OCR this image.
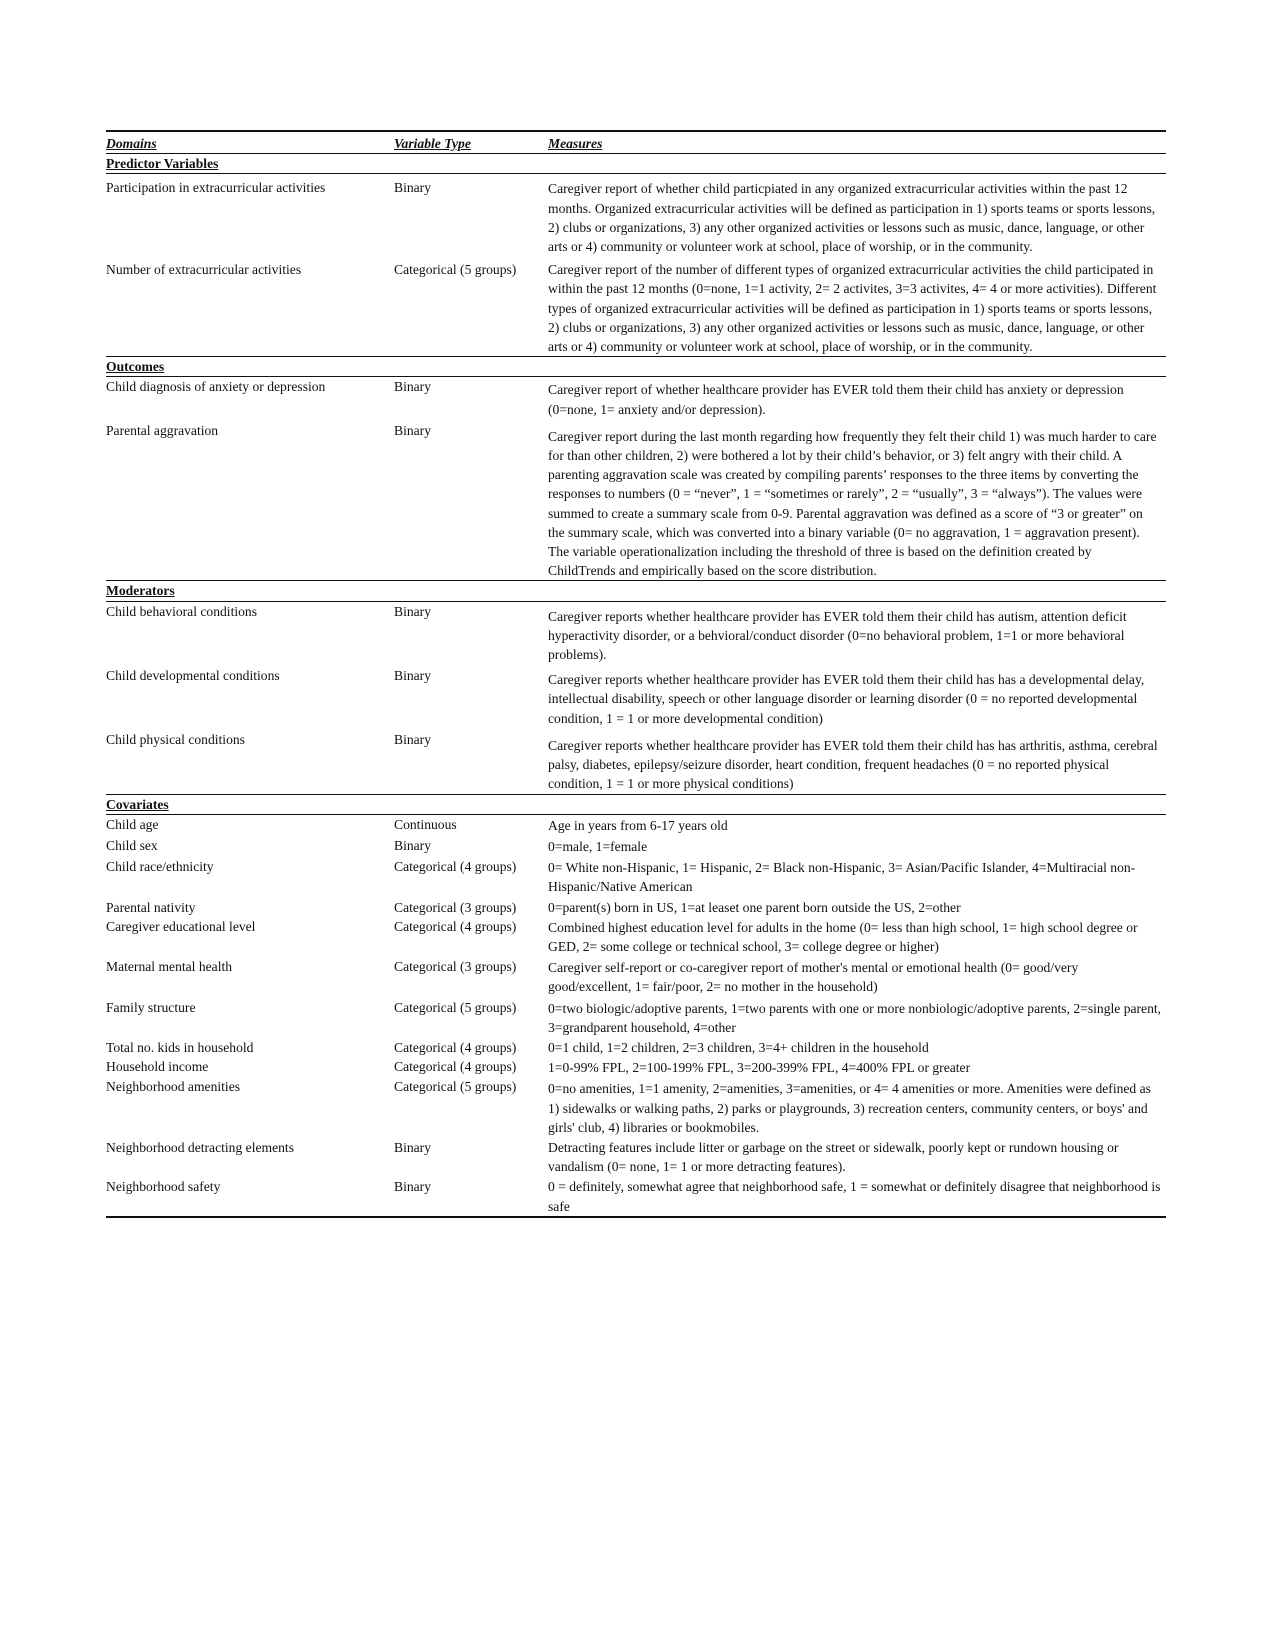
Domains	Variable Type	Measures
Predictor Variables		
Participation in extracurricular activities	Binary	Caregiver report of whether child particpiated in any organized extracurricular activities within the past 12 months. Organized extracurricular activities will be defined as participation in 1) sports teams or sports lessons, 2) clubs or organizations, 3) any other organized activities or lessons such as music, dance, language, or other arts or 4) community or volunteer work at school, place of worship, or in the community.
Number of extracurricular activities	Categorical (5 groups)	Caregiver report of the number of different types of organized extracurricular activities the child participated in within the past 12 months (0=none, 1=1 activity, 2= 2 activites, 3=3 activites, 4= 4 or more activities). Different types of organized extracurricular activities will be defined as participation in 1) sports teams or sports lessons, 2) clubs or organizations, 3) any other organized activities or lessons such as music, dance, language, or other arts or 4) community or volunteer work at school, place of worship, or in the community.
Outcomes		
Child diagnosis of anxiety or depression	Binary	Caregiver report of whether healthcare provider has EVER told them their child has anxiety or depression (0=none, 1= anxiety and/or depression).
Parental aggravation	Binary	Caregiver report during the last month regarding how frequently they felt their child 1) was much harder to care for than other children, 2) were bothered a lot by their child’s behavior, or 3) felt angry with their child. A parenting aggravation scale was created by compiling parents’ responses to the three items by converting the responses to numbers (0 = “never”, 1 = “sometimes or rarely”, 2 = “usually”, 3 = “always”). The values were summed to create a summary scale from 0-9. Parental aggravation was defined as a score of “3 or greater” on the summary scale, which was converted into a binary variable (0= no aggravation, 1 = aggravation present). The variable operationalization including the threshold of three is based on the definition created by ChildTrends and empirically based on the score distribution.
Moderators		
Child behavioral conditions	Binary	Caregiver reports whether healthcare provider has EVER told them their child has autism, attention deficit hyperactivity disorder, or a behvioral/conduct disorder (0=no behavioral problem, 1=1 or more behavioral problems).
Child developmental conditions	Binary	Caregiver reports whether healthcare provider has EVER told them their child has has a developmental delay, intellectual disability, speech or other language disorder or learning disorder (0 = no reported developmental condition, 1 = 1 or more developmental condition)
Child physical conditions	Binary	Caregiver reports whether healthcare provider has EVER told them their child has has arthritis, asthma, cerebral palsy, diabetes, epilepsy/seizure disorder, heart condition, frequent headaches (0 = no reported physical condition, 1 = 1 or more physical conditions)
Covariates		
Child age	Continuous	Age in years from 6-17 years old
Child sex	Binary	0=male, 1=female
Child race/ethnicity	Categorical (4 groups)	0= White non-Hispanic, 1= Hispanic, 2= Black non-Hispanic, 3= Asian/Pacific Islander, 4=Multiracial non-Hispanic/Native American
Parental nativity	Categorical (3 groups)	0=parent(s) born in US, 1=at leaset one parent born outside the US, 2=other
Caregiver educational level	Categorical (4 groups)	Combined highest education level for adults in the home (0= less than high school, 1= high school degree or GED, 2= some college or technical school, 3= college degree or higher)
Maternal mental health	Categorical (3 groups)	Caregiver self-report or co-caregiver report of mother's mental or emotional health (0= good/very good/excellent, 1= fair/poor, 2= no mother in the household)
Family structure	Categorical (5 groups)	0=two biologic/adoptive parents, 1=two parents with one or more nonbiologic/adoptive parents, 2=single parent, 3=grandparent household, 4=other
Total no. kids in household	Categorical (4 groups)	0=1 child, 1=2 children, 2=3 children, 3=4+ children in the household
Household income	Categorical (4 groups)	1=0-99% FPL, 2=100-199% FPL, 3=200-399% FPL, 4=400% FPL or greater
Neighborhood amenities	Categorical (5 groups)	0=no amenities, 1=1 amenity, 2=amenities, 3=amenities, or 4= 4 amenities or more. Amenities were defined as 1) sidewalks or walking paths, 2) parks or playgrounds, 3) recreation centers, community centers, or boys' and girls' club, 4) libraries or bookmobiles.
Neighborhood detracting elements	Binary	Detracting features include litter or garbage on the street or sidewalk, poorly kept or rundown housing or vandalism (0= none, 1= 1 or more detracting features).
Neighborhood safety	Binary	0 = definitely, somewhat agree that neighborhood safe, 1 = somewhat or definitely disagree that neighborhood is safe
